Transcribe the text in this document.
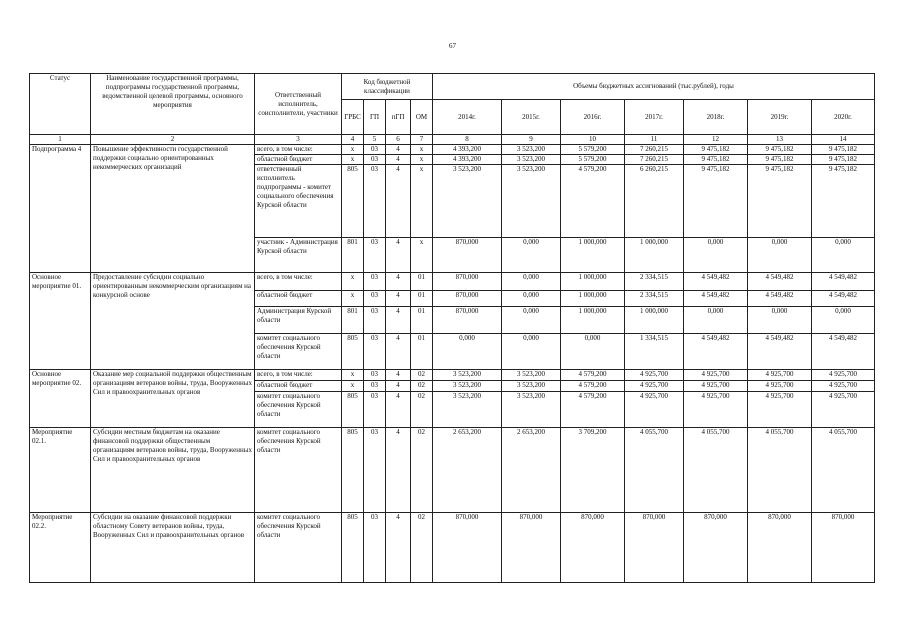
67
Статус	Наименование государственной программы, подпрограммы государственной программы, ведомственной целевой программы, основного мероприятия	Ответственный исполнитель, соисполнители, участники	Код бюджетной классификации				Объемы бюджетных ассигнований (тыс.рублей), годы						
			ГРБС	ГП	пГП	ОМ	2014г.	2015г.	2016г.	2017г.	2018г.	2019г.	2020г.
1	2	3	4	5	6	7	8	9	10	11	12	13	14
Подпрограмма 4	Повышение эффективности государственной поддержки социально ориентированных некоммерческих организаций	всего, в том числе:	х	03	4	х	4 393,200	3 523,200	5 579,200	7 260,215	9 475,182	9 475,182	9 475,182
		областной бюджет	х	03	4	х	4 393,200	3 523,200	5 579,200	7 260,215	9 475,182	9 475,182	9 475,182
		ответственный исполнитель подпрограммы - комитет социального обеспечения Курской области	805	03	4	х	3 523,200	3 523,200	4 579,200	6 260,215	9 475,182	9 475,182	9 475,182
		участник - Администрация Курской области	801	03	4	х	870,000	0,000	1 000,000	1 000,000	0,000	0,000	0,000
Основное мероприятие 01.	Предоставление субсидии социально ориентированным некоммерческим организациям на конкурсной основе	всего, в том числе:	х	03	4	01	870,000	0,000	1 000,000	2 334,515	4 549,482	4 549,482	4 549,482
		областной бюджет	х	03	4	01	870,000	0,000	1 000,000	2 334,515	4 549,482	4 549,482	4 549,482
		Администрация Курской области	801	03	4	01	870,000	0,000	1 000,000	1 000,000	0,000	0,000	0,000
		комитет социального обеспечения Курской области	805	03	4	01	0,000	0,000	0,000	1 334,515	4 549,482	4 549,482	4 549,482
Основное мероприятие 02.	Оказание мер социальной поддержки общественным организациям ветеранов войны, труда, Вооруженных Сил и правоохранительных органов	всего, в том числе:	х	03	4	02	3 523,200	3 523,200	4 579,200	4 925,700	4 925,700	4 925,700	4 925,700
		областной бюджет	х	03	4	02	3 523,200	3 523,200	4 579,200	4 925,700	4 925,700	4 925,700	4 925,700
		комитет социального обеспечения Курской области	805	03	4	02	3 523,200	3 523,200	4 579,200	4 925,700	4 925,700	4 925,700	4 925,700
Мероприятие 02.1.	Субсидии местным бюджетам на оказание финансовой поддержки общественным организациям ветеранов войны, труда, Вооруженных Сил и правоохранительных органов	комитет социального обеспечения Курской области	805	03	4	02	2 653,200	2 653,200	3 709,200	4 055,700	4 055,700	4 055,700	4 055,700
Мероприятие 02.2.	Субсидии на оказание финансовой поддержки областному Совету ветеранов войны, труда, Вооруженных Сил и правоохранительных органов	комитет социального обеспечения Курской области	805	03	4	02	870,000	870,000	870,000	870,000	870,000	870,000	870,000
